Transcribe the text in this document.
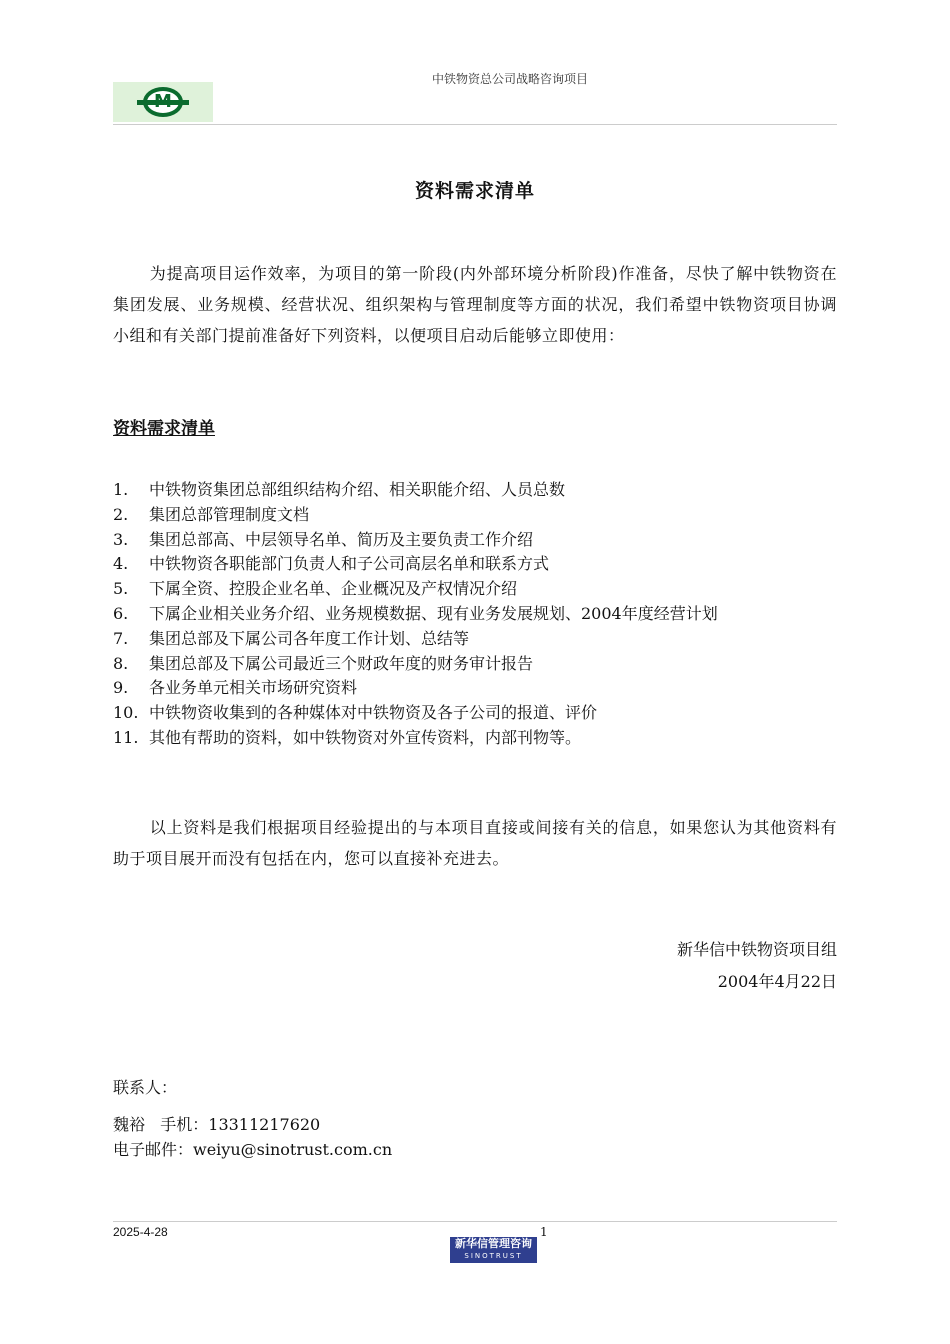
中铁物资总公司战略咨询项目
M
资料需求清单

为提高项目运作效率，为项目的第一阶段(内外部环境分析阶段)作准备，尽快了解中铁物资在集团发展、业务规模、经营状况、组织架构与管理制度等方面的状况，我们希望中铁物资项目协调小组和有关部门提前准备好下列资料，以便项目启动后能够立即使用：

资料需求清单
1.	中铁物资集团总部组织结构介绍、相关职能介绍、人员总数
2.	集团总部管理制度文档
3.	集团总部高、中层领导名单、简历及主要负责工作介绍
4.	中铁物资各职能部门负责人和子公司高层名单和联系方式
5.	下属全资、控股企业名单、企业概况及产权情况介绍
6.	下属企业相关业务介绍、业务规模数据、现有业务发展规划、2004年度经营计划
7.	集团总部及下属公司各年度工作计划、总结等
8.	集团总部及下属公司最近三个财政年度的财务审计报告
9.	各业务单元相关市场研究资料
10. 中铁物资收集到的各种媒体对中铁物资及各子公司的报道、评价
11. 其他有帮助的资料，如中铁物资对外宣传资料，内部刊物等。

以上资料是我们根据项目经验提出的与本项目直接或间接有关的信息，如果您认为其他资料有助于项目展开而没有包括在内，您可以直接补充进去。

新华信中铁物资项目组
2004年4月22日
联系人：
魏裕   手机：13311217620
电子邮件：weiyu@sinotrust.com.cn
2025-4-28	1
新华信管理咨询
SINOTRUST
